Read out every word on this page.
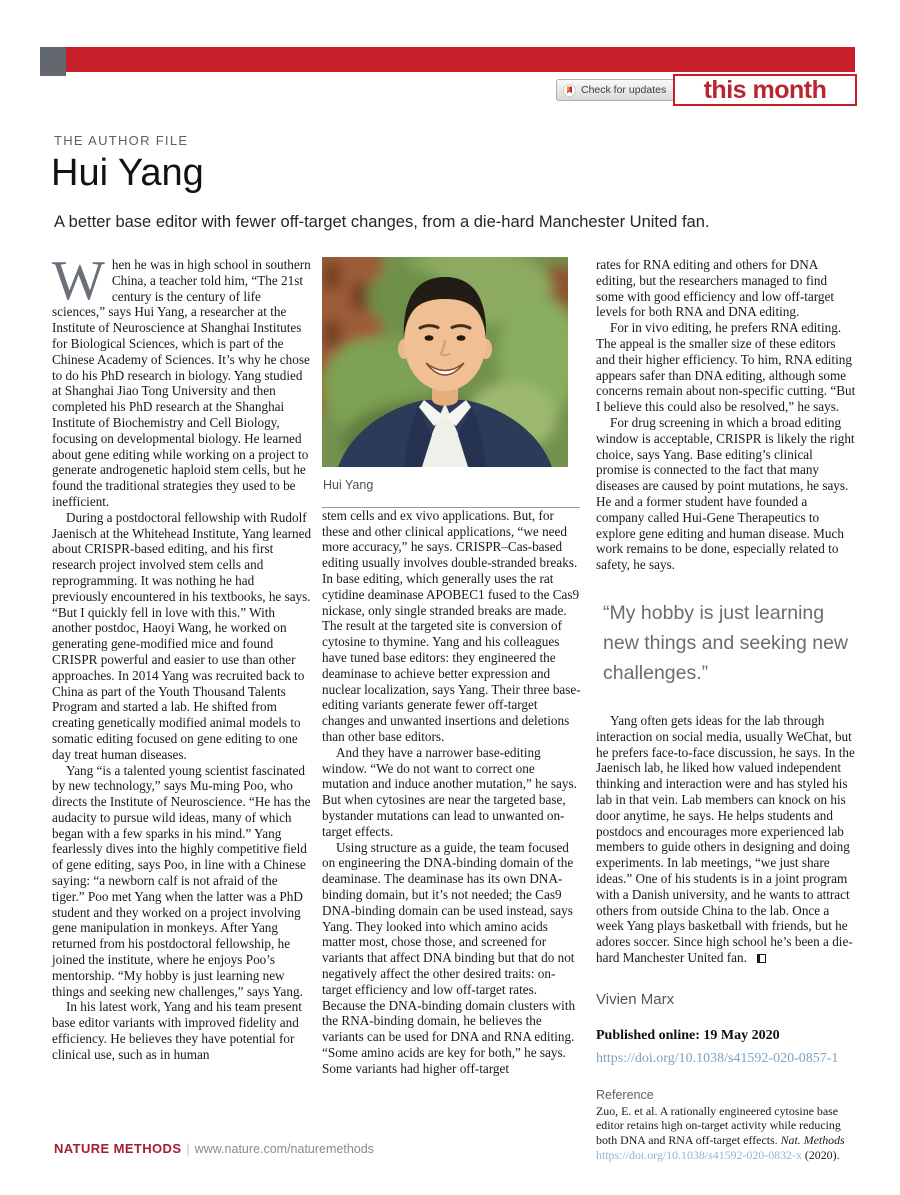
Check for updates this month
THE AUTHOR FILE
Hui Yang
A better base editor with fewer off-target changes, from a die-hard Manchester United fan.

When he was in high school in southern China, a teacher told him, “The 21st century is the century of life sciences,” says Hui Yang, a researcher at the Institute of Neuroscience at Shanghai Institutes for Biological Sciences, which is part of the Chinese Academy of Sciences. It’s why he chose to do his PhD research in biology. Yang studied at Shanghai Jiao Tong University and then completed his PhD research at the Shanghai Institute of Biochemistry and Cell Biology, focusing on developmental biology. He learned about gene editing while working on a project to generate androgenetic haploid stem cells, but he found the traditional strategies they used to be inefficient.

During a postdoctoral fellowship with Rudolf Jaenisch at the Whitehead Institute, Yang learned about CRISPR-based editing, and his first research project involved stem cells and reprogramming. It was nothing he had previously encountered in his textbooks, he says. “But I quickly fell in love with this.” With another postdoc, Haoyi Wang, he worked on generating gene-modified mice and found CRISPR powerful and easier to use than other approaches. In 2014 Yang was recruited back to China as part of the Youth Thousand Talents Program and started a lab. He shifted from creating genetically modified animal models to somatic editing focused on gene editing to one day treat human diseases.

Yang “is a talented young scientist fascinated by new technology,” says Mu-ming Poo, who directs the Institute of Neuroscience. “He has the audacity to pursue wild ideas, many of which began with a few sparks in his mind.” Yang fearlessly dives into the highly competitive field of gene editing, says Poo, in line with a Chinese saying: “a newborn calf is not afraid of the tiger.” Poo met Yang when the latter was a PhD student and they worked on a project involving gene manipulation in monkeys. After Yang returned from his postdoctoral fellowship, he joined the institute, where he enjoys Poo’s mentorship. “My hobby is just learning new things and seeking new challenges,” says Yang.

In his latest work, Yang and his team present base editor variants with improved fidelity and efficiency. He believes they have potential for clinical use, such as in human

Hui Yang

stem cells and ex vivo applications. But, for these and other clinical applications, “we need more accuracy,” he says. CRISPR–Cas-based editing usually involves double-stranded breaks. In base editing, which generally uses the rat cytidine deaminase APOBEC1 fused to the Cas9 nickase, only single stranded breaks are made. The result at the targeted site is conversion of cytosine to thymine. Yang and his colleagues have tuned base editors: they engineered the deaminase to achieve better expression and nuclear localization, says Yang. Their three base-editing variants generate fewer off-target changes and unwanted insertions and deletions than other base editors.

And they have a narrower base-editing window. “We do not want to correct one mutation and induce another mutation,” he says. But when cytosines are near the targeted base, bystander mutations can lead to unwanted on-target effects.

Using structure as a guide, the team focused on engineering the DNA-binding domain of the deaminase. The deaminase has its own DNA-binding domain, but it’s not needed; the Cas9 DNA-binding domain can be used instead, says Yang. They looked into which amino acids matter most, chose those, and screened for variants that affect DNA binding but that do not negatively affect the other desired traits: on-target efficiency and low off-target rates. Because the DNA-binding domain clusters with the RNA-binding domain, he believes the variants can be used for DNA and RNA editing. “Some amino acids are key for both,” he says. Some variants had higher off-target

rates for RNA editing and others for DNA editing, but the researchers managed to find some with good efficiency and low off-target levels for both RNA and DNA editing.

For in vivo editing, he prefers RNA editing. The appeal is the smaller size of these editors and their higher efficiency. To him, RNA editing appears safer than DNA editing, although some concerns remain about non-specific cutting. “But I believe this could also be resolved,” he says.

For drug screening in which a broad editing window is acceptable, CRISPR is likely the right choice, says Yang. Base editing’s clinical promise is connected to the fact that many diseases are caused by point mutations, he says. He and a former student have founded a company called Hui-Gene Therapeutics to explore gene editing and human disease. Much work remains to be done, especially related to safety, he says.

“My hobby is just learning new things and seeking new challenges.”

Yang often gets ideas for the lab through interaction on social media, usually WeChat, but he prefers face-to-face discussion, he says. In the Jaenisch lab, he liked how valued independent thinking and interaction were and has styled his lab in that vein. Lab members can knock on his door anytime, he says. He helps students and postdocs and encourages more experienced lab members to guide others in designing and doing experiments. In lab meetings, “we just share ideas.” One of his students is in a joint program with a Danish university, and he wants to attract others from outside China to the lab. Once a week Yang plays basketball with friends, but he adores soccer. Since high school he’s been a die-hard Manchester United fan.

Vivien Marx
Published online: 19 May 2020
https://doi.org/10.1038/s41592-020-0857-1
Reference

Zuo, E. et al. A rationally engineered cytosine base editor retains high on-target activity while reducing both DNA and RNA off-target effects. Nat. Methods https://doi.org/10.1038/s41592-020-0832-x (2020).

NATURE METHODS | www.nature.com/naturemethods
